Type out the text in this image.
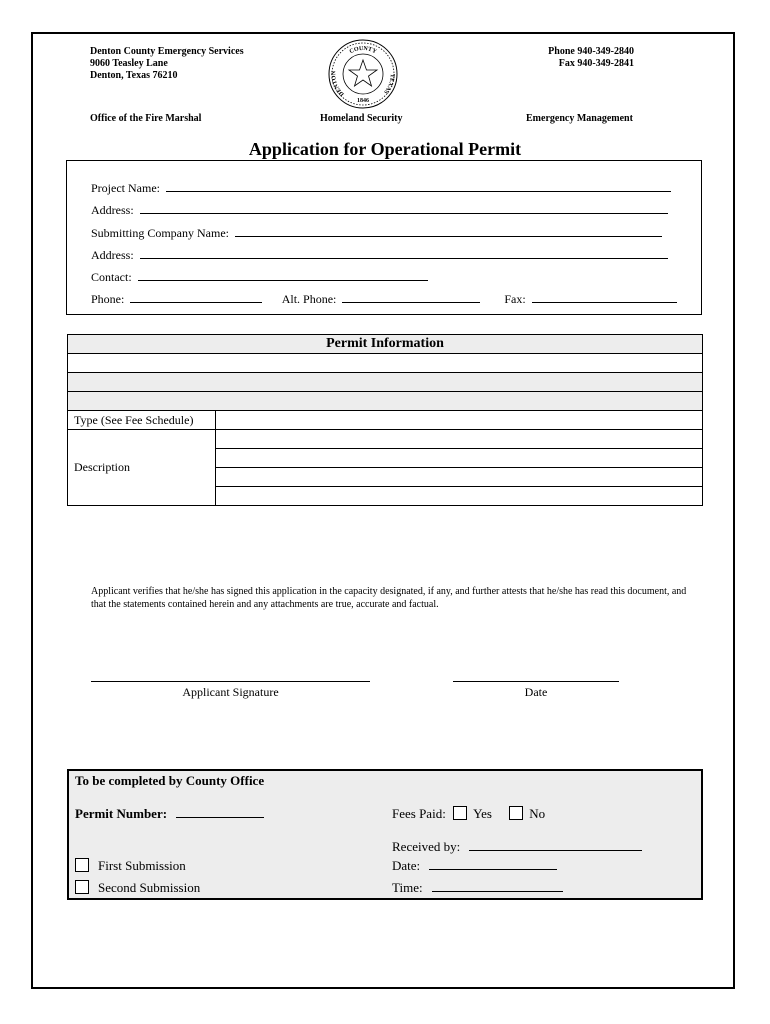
Denton County Emergency Services
9060 Teasley Lane
Denton, Texas 76210
COUNTY
DENTON
TEXAS
1846
Phone 940-349-2840
Fax 940-349-2841
Office of the Fire Marshal	Homeland Security	Emergency Management
Application for Operational Permit
Project Name:
Address:
Submitting Company Name:
Address:
Contact:
Phone:	Alt. Phone:	Fax:
Permit Information	

Type (See Fee Schedule)	
Description	

Applicant verifies that he/she has signed this application in the capacity designated, if any, and further attests that he/she has read this document, and that the statements contained herein and any attachments are true, accurate and factual.
Applicant Signature	Date
To be completed by County Office
Permit Number:	Fees Paid: Yes	No
Received by:
Date:
Time:
First Submission
Second Submission
